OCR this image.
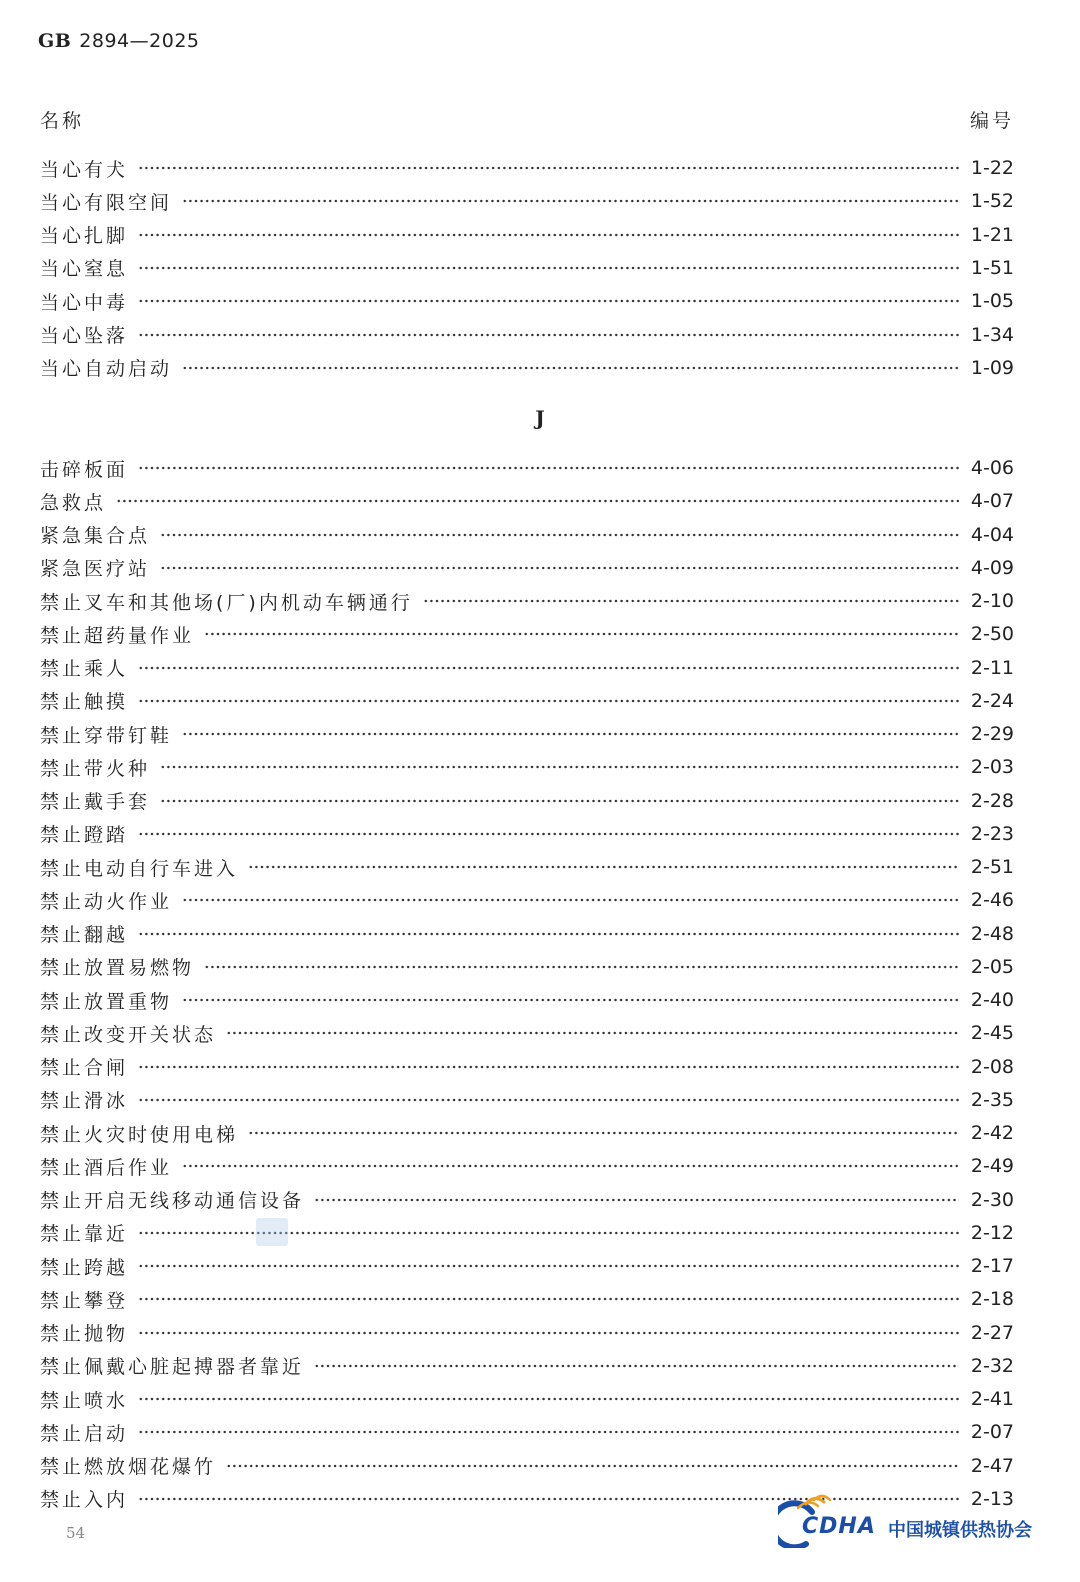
GB 2894—2025
名称	编号
当心有犬	1-22
当心有限空间	1-52
当心扎脚	1-21
当心窒息	1-51
当心中毒	1-05
当心坠落	1-34
当心自动启动	1-09
J
击碎板面	4-06
急救点	4-07
紧急集合点	4-04
紧急医疗站	4-09
禁止叉车和其他场(厂)内机动车辆通行	2-10
禁止超药量作业	2-50
禁止乘人	2-11
禁止触摸	2-24
禁止穿带钉鞋	2-29
禁止带火种	2-03
禁止戴手套	2-28
禁止蹬踏	2-23
禁止电动自行车进入	2-51
禁止动火作业	2-46
禁止翻越	2-48
禁止放置易燃物	2-05
禁止放置重物	2-40
禁止改变开关状态	2-45
禁止合闸	2-08
禁止滑冰	2-35
禁止火灾时使用电梯	2-42
禁止酒后作业	2-49
禁止开启无线移动通信设备	2-30
禁止靠近	2-12
禁止跨越	2-17
禁止攀登	2-18
禁止抛物	2-27
禁止佩戴心脏起搏器者靠近	2-32
禁止喷水	2-41
禁止启动	2-07
禁止燃放烟花爆竹	2-47
禁止入内	2-13
54	CDHA 中国城镇供热协会
